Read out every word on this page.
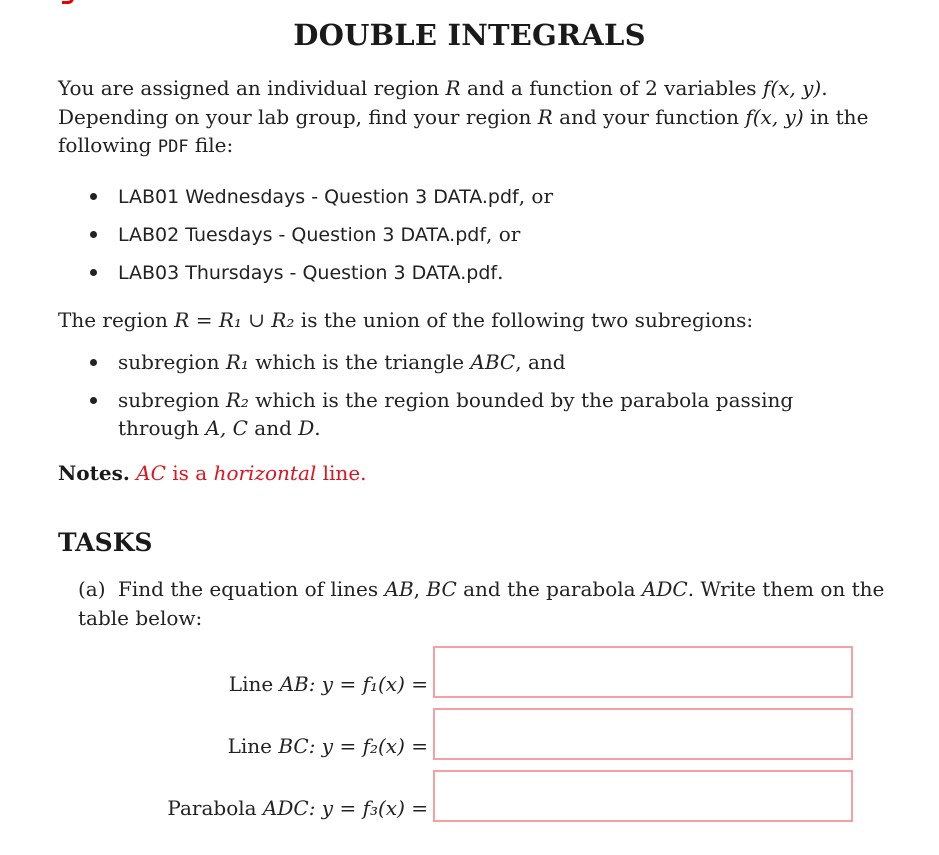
DOUBLE INTEGRALS
You are assigned an individual region R and a function of 2 variables f(x, y). Depending on your lab group, find your region R and your function f(x, y) in the following PDF file:
LAB01 Wednesdays - Question 3 DATA.pdf, or
LAB02 Tuesdays - Question 3 DATA.pdf, or
LAB03 Thursdays - Question 3 DATA.pdf.
The region R = R₁ ∪ R₂ is the union of the following two subregions:
subregion R₁ which is the triangle ABC, and
subregion R₂ which is the region bounded by the parabola passing through A, C and D.
Notes. AC is a horizontal line.
TASKS
(a) Find the equation of lines AB, BC and the parabola ADC. Write them on the table below:
Line AB: y = f₁(x) =
Line BC: y = f₂(x) =
Parabola ADC: y = f₃(x) =
